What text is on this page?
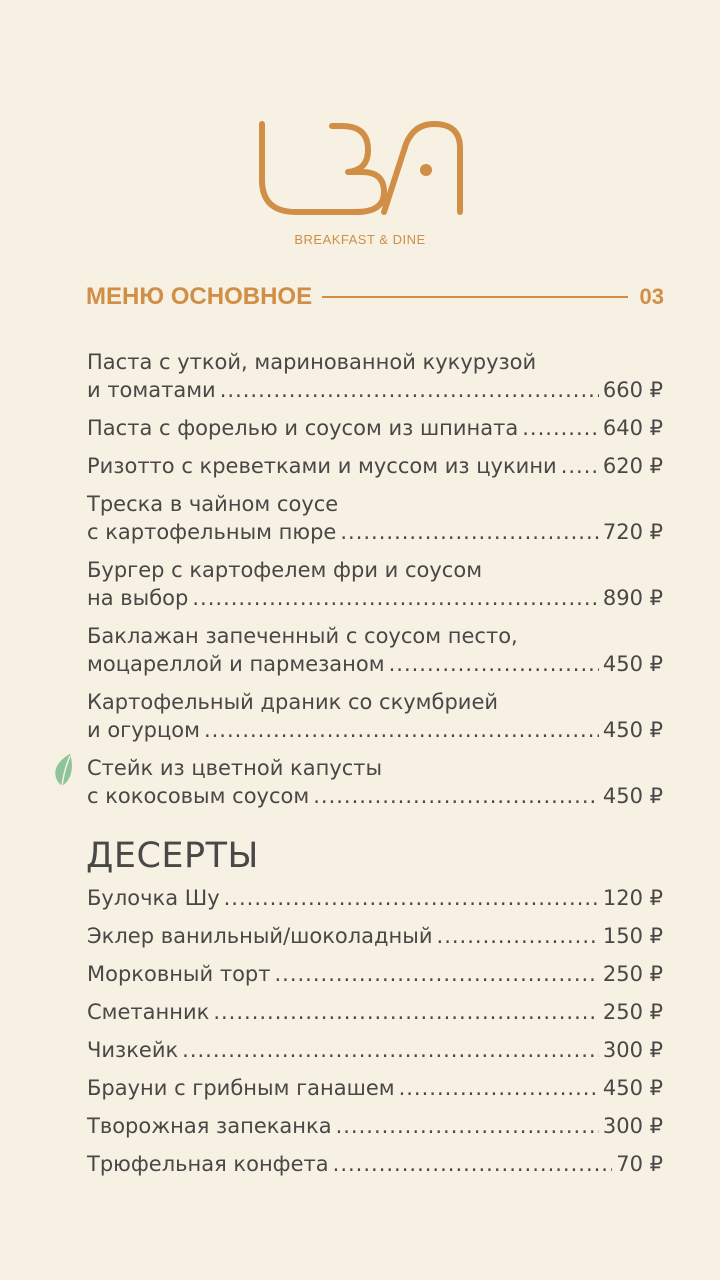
BREAKFAST & DINE
МЕНЮ ОСНОВНОЕ	03
Паста с уткой, маринованной кукурузой
и томатами .....	660 ₽
Паста с форелью и соусом из шпината .....	640 ₽
Ризотто с креветками и муссом из цукини ..... 620 ₽
Треска в чайном соусе
с картофельным пюре .....	720 ₽
Бургер с картофелем фри и соусом
на выбор .....	890 ₽
Баклажан запеченный с соусом песто,
моцареллой и пармезаном .....	450 ₽
Картофельный драник со скумбрией
и огурцом .....	450 ₽
Стейк из цветной капусты
с кокосовым соусом .....	450 ₽
ДЕСЕРТЫ
Булочка Шу .....	120 ₽
Эклер ванильный/шоколадный .....	150 ₽
Морковный торт .....	250 ₽
Сметанник .....	250 ₽
Чизкейк .....	300 ₽
Брауни с грибным ганашем .....	450 ₽
Творожная запеканка .....	300 ₽
Трюфельная конфета .....	70 ₽
